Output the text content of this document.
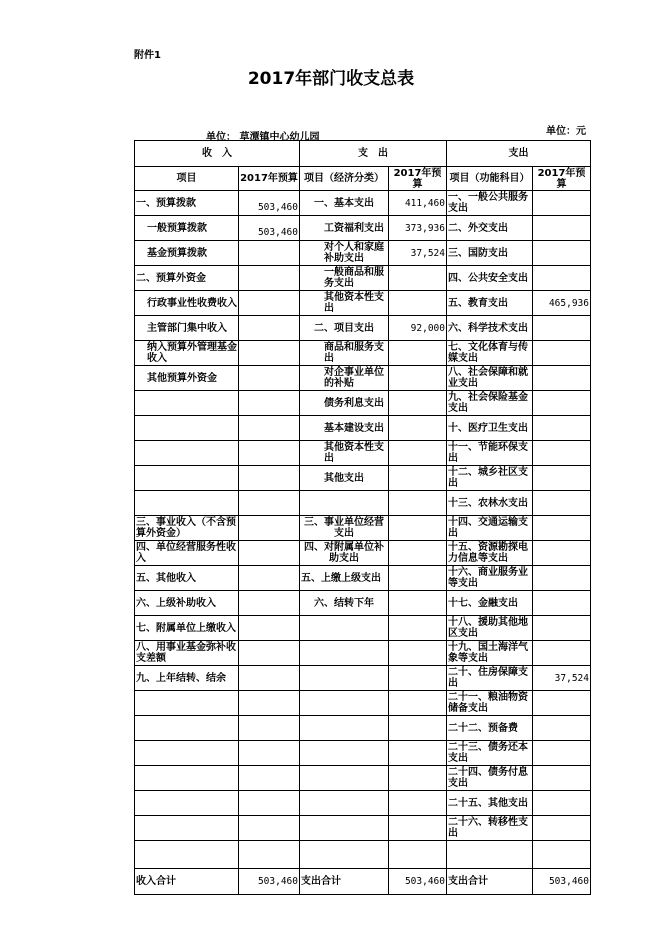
附件1
2017年部门收支总表
单位： 草潭镇中心幼儿园
单位：元
收　入		支　出		支出	
项目	2017年预算	项目（经济分类）	2017年预算	项目（功能科目）	2017年预算
一、预算拨款	503,460	一、基本支出	411,460	一、一般公共服务支出	
一般预算拨款	503,460	工资福利支出	373,936	二、外交支出	
基金预算拨款		对个人和家庭补助支出	37,524	三、国防支出	
二、预算外资金		一般商品和服务支出		四、公共安全支出	
行政事业性收费收入		其他资本性支出		五、教育支出	465,936
主管部门集中收入		二、项目支出	92,000	六、科学技术支出	
纳入预算外管理基金收入		商品和服务支出		七、文化体育与传媒支出	
其他预算外资金		对企事业单位的补贴		八、社会保障和就业支出	
		债务利息支出		九、社会保险基金支出	
		基本建设支出		十、医疗卫生支出	
		其他资本性支出		十一、节能环保支出	
		其他支出		十二、城乡社区支出	
				十三、农林水支出	
三、事业收入（不含预算外资金）		三、事业单位经营支出		十四、交通运输支出	
四、单位经营服务性收入		四、对附属单位补助支出		十五、资源勘探电力信息等支出	
五、其他收入		五、上缴上级支出		十六、商业服务业等支出	
六、上级补助收入		六、结转下年		十七、金融支出	
七、附属单位上缴收入				十八、援助其他地区支出	
八、用事业基金弥补收支差额				十九、国土海洋气象等支出	
九、上年结转、结余				二十、住房保障支出	37,524
				二十一、粮油物资储备支出	
				二十二、预备费	
				二十三、债务还本支出	
				二十四、债务付息支出	
				二十五、其他支出	
				二十六、转移性支出	

收入合计	503,460	支出合计	503,460	支出合计	503,460
